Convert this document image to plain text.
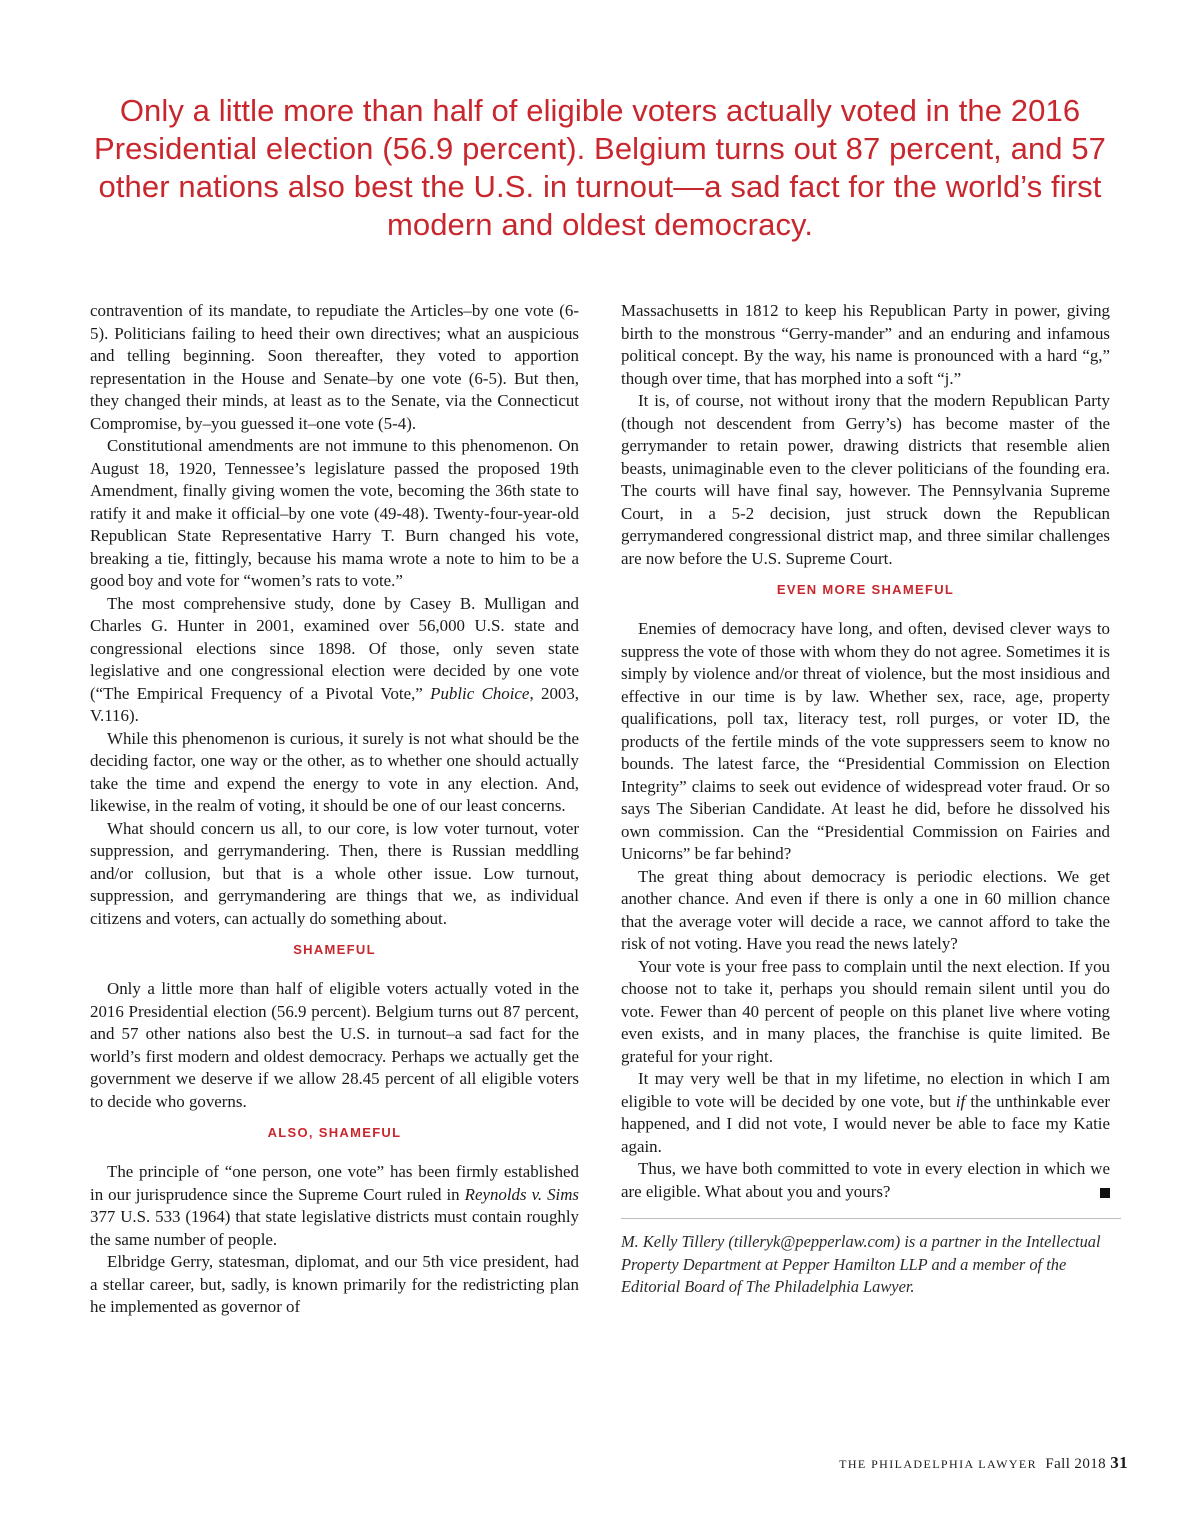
Only a little more than half of eligible voters actually voted in the 2016 Presidential election (56.9 percent). Belgium turns out 87 percent, and 57 other nations also best the U.S. in turnout—a sad fact for the world’s first modern and oldest democracy.

contravention of its mandate, to repudiate the Articles–by one vote (6-5). Politicians failing to heed their own directives; what an auspicious and telling beginning. Soon thereafter, they voted to apportion representation in the House and Senate–by one vote (6-5). But then, they changed their minds, at least as to the Senate, via the Connecticut Compromise, by–you guessed it–one vote (5-4).

Constitutional amendments are not immune to this phenomenon. On August 18, 1920, Tennessee’s legislature passed the proposed 19th Amendment, finally giving women the vote, becoming the 36th state to ratify it and make it official–by one vote (49-48). Twenty-four-year-old Republican State Representative Harry T. Burn changed his vote, breaking a tie, fittingly, because his mama wrote a note to him to be a good boy and vote for “women’s rats to vote.”

The most comprehensive study, done by Casey B. Mulligan and Charles G. Hunter in 2001, examined over 56,000 U.S. state and congressional elections since 1898. Of those, only seven state legislative and one congressional election were decided by one vote (“The Empirical Frequency of a Pivotal Vote,” Public Choice, 2003, V.116).

While this phenomenon is curious, it surely is not what should be the deciding factor, one way or the other, as to whether one should actually take the time and expend the energy to vote in any election. And, likewise, in the realm of voting, it should be one of our least concerns.

What should concern us all, to our core, is low voter turnout, voter suppression, and gerrymandering. Then, there is Russian meddling and/or collusion, but that is a whole other issue. Low turnout, suppression, and gerrymandering are things that we, as individual citizens and voters, can actually do something about.

SHAMEFUL

Only a little more than half of eligible voters actually voted in the 2016 Presidential election (56.9 percent). Belgium turns out 87 percent, and 57 other nations also best the U.S. in turnout–a sad fact for the world’s first modern and oldest democracy. Perhaps we actually get the government we deserve if we allow 28.45 percent of all eligible voters to decide who governs.

ALSO, SHAMEFUL

The principle of “one person, one vote” has been firmly established in our jurisprudence since the Supreme Court ruled in Reynolds v. Sims 377 U.S. 533 (1964) that state legislative districts must contain roughly the same number of people.

Elbridge Gerry, statesman, diplomat, and our 5th vice president, had a stellar career, but, sadly, is known primarily for the redistricting plan he implemented as governor of

Massachusetts in 1812 to keep his Republican Party in power, giving birth to the monstrous “Gerry-mander” and an enduring and infamous political concept. By the way, his name is pronounced with a hard “g,” though over time, that has morphed into a soft “j.”

It is, of course, not without irony that the modern Republican Party (though not descendent from Gerry’s) has become master of the gerrymander to retain power, drawing districts that resemble alien beasts, unimaginable even to the clever politicians of the founding era. The courts will have final say, however. The Pennsylvania Supreme Court, in a 5-2 decision, just struck down the Republican gerrymandered congressional district map, and three similar challenges are now before the U.S. Supreme Court.

EVEN MORE SHAMEFUL

Enemies of democracy have long, and often, devised clever ways to suppress the vote of those with whom they do not agree. Sometimes it is simply by violence and/or threat of violence, but the most insidious and effective in our time is by law. Whether sex, race, age, property qualifications, poll tax, literacy test, roll purges, or voter ID, the products of the fertile minds of the vote suppressers seem to know no bounds. The latest farce, the “Presidential Commission on Election Integrity” claims to seek out evidence of widespread voter fraud. Or so says The Siberian Candidate. At least he did, before he dissolved his own commission. Can the “Presidential Commission on Fairies and Unicorns” be far behind?

The great thing about democracy is periodic elections. We get another chance. And even if there is only a one in 60 million chance that the average voter will decide a race, we cannot afford to take the risk of not voting. Have you read the news lately?

Your vote is your free pass to complain until the next election. If you choose not to take it, perhaps you should remain silent until you do vote. Fewer than 40 percent of people on this planet live where voting even exists, and in many places, the franchise is quite limited. Be grateful for your right.

It may very well be that in my lifetime, no election in which I am eligible to vote will be decided by one vote, but if the unthinkable ever happened, and I did not vote, I would never be able to face my Katie again.

Thus, we have both committed to vote in every election in which we are eligible. What about you and yours?

M. Kelly Tillery (tilleryk@pepperlaw.com) is a partner in the Intellectual Property Department at Pepper Hamilton LLP and a member of the Editorial Board of The Philadelphia Lawyer.

THE PHILADELPHIA LAWYER Fall 2018 31
